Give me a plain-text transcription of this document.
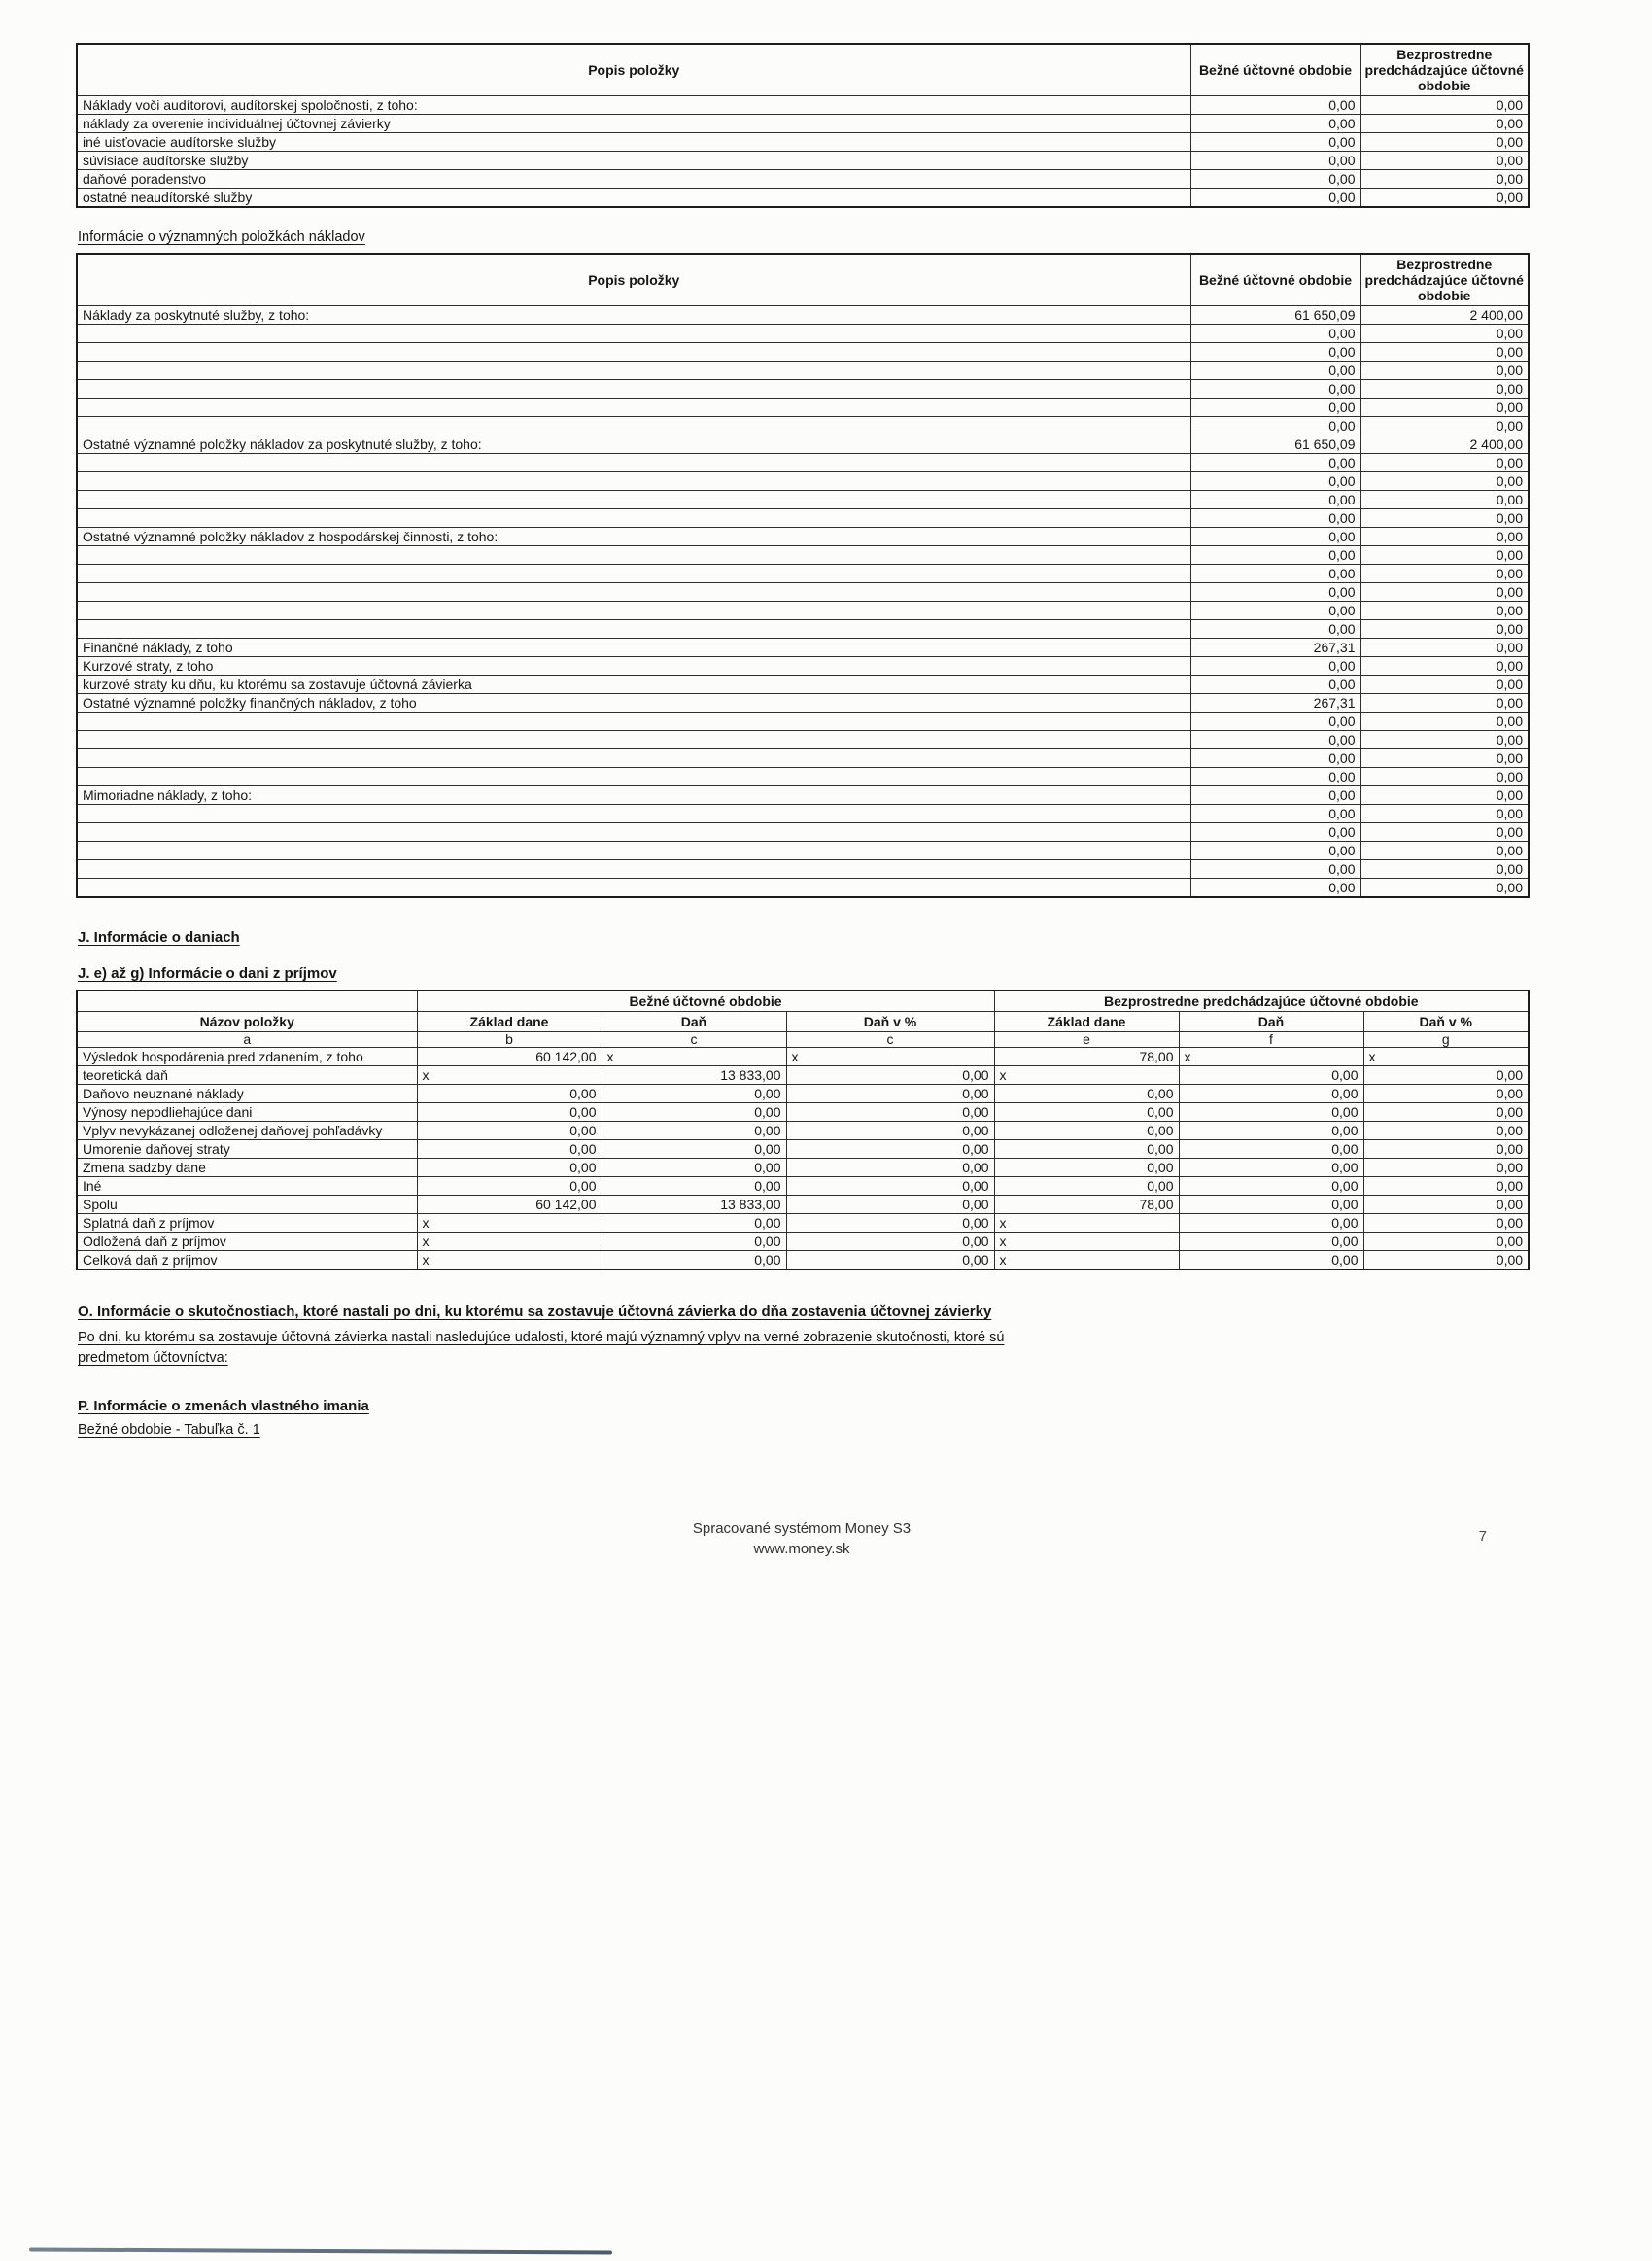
Popis položky	Bežné účtovné obdobie	Bezprostredne predchádzajúce účtovné obdobie
Náklady voči audítorovi, audítorskej spoločnosti, z toho:	0,00	0,00
náklady za overenie individuálnej účtovnej závierky	0,00	0,00
iné uisťovacie audítorske služby	0,00	0,00
súvisiace audítorske služby	0,00	0,00
daňové poradenstvo	0,00	0,00
ostatné neaudítorské služby	0,00	0,00
Informácie o významných položkách nákladov
Popis položky	Bežné účtovné obdobie	Bezprostredne predchádzajúce účtovné obdobie
Náklady za poskytnuté služby, z toho:	61 650,09	2 400,00
	0,00	0,00
	0,00	0,00
	0,00	0,00
	0,00	0,00
	0,00	0,00
	0,00	0,00
Ostatné významné položky nákladov za poskytnuté služby, z toho:	61 650,09	2 400,00
	0,00	0,00
	0,00	0,00
	0,00	0,00
	0,00	0,00
Ostatné významné položky nákladov z hospodárskej činnosti, z toho:	0,00	0,00
	0,00	0,00
	0,00	0,00
	0,00	0,00
	0,00	0,00
	0,00	0,00
Finančné náklady, z toho	267,31	0,00
Kurzové straty, z toho	0,00	0,00
kurzové straty ku dňu, ku ktorému sa zostavuje účtovná závierka	0,00	0,00
Ostatné významné položky finančných nákladov, z toho	267,31	0,00
	0,00	0,00
	0,00	0,00
	0,00	0,00
	0,00	0,00
Mimoriadne náklady, z toho:	0,00	0,00
	0,00	0,00
	0,00	0,00
	0,00	0,00
	0,00	0,00
	0,00	0,00
J. Informácie o daniach
J. e) až g) Informácie o dani z príjmov
	Bežné účtovné obdobie			Bezprostredne predchádzajúce účtovné obdobie		
Názov položky	Základ dane	Daň	Daň v %	Základ dane	Daň	Daň v %
a	b	c	c	e	f	g
Výsledok hospodárenia pred zdanením, z toho	60 142,00	x	x	78,00	x	x
teoretická daň	x	13 833,00	0,00	x	0,00	0,00
Daňovo neuznané náklady	0,00	0,00	0,00	0,00	0,00	0,00
Výnosy nepodliehajúce dani	0,00	0,00	0,00	0,00	0,00	0,00
Vplyv nevykázanej odloženej daňovej pohľadávky	0,00	0,00	0,00	0,00	0,00	0,00
Umorenie daňovej straty	0,00	0,00	0,00	0,00	0,00	0,00
Zmena sadzby dane	0,00	0,00	0,00	0,00	0,00	0,00
Iné	0,00	0,00	0,00	0,00	0,00	0,00
Spolu	60 142,00	13 833,00	0,00	78,00	0,00	0,00
Splatná daň z príjmov	x	0,00	0,00	x	0,00	0,00
Odložená daň z príjmov	x	0,00	0,00	x	0,00	0,00
Celková daň z príjmov	x	0,00	0,00	x	0,00	0,00
O. Informácie o skutočnostiach, ktoré nastali po dni, ku ktorému sa zostavuje účtovná závierka do dňa zostavenia účtovnej závierky

Po dni, ku ktorému sa zostavuje účtovná závierka nastali nasledujúce udalosti, ktoré majú významný vplyv na verné zobrazenie skutočnosti, ktoré sú predmetom účtovníctva:

P. Informácie o zmenách vlastného imania

Bežné obdobie - Tabuľka č. 1

Spracované systémom Money S3
www.money.sk
7
